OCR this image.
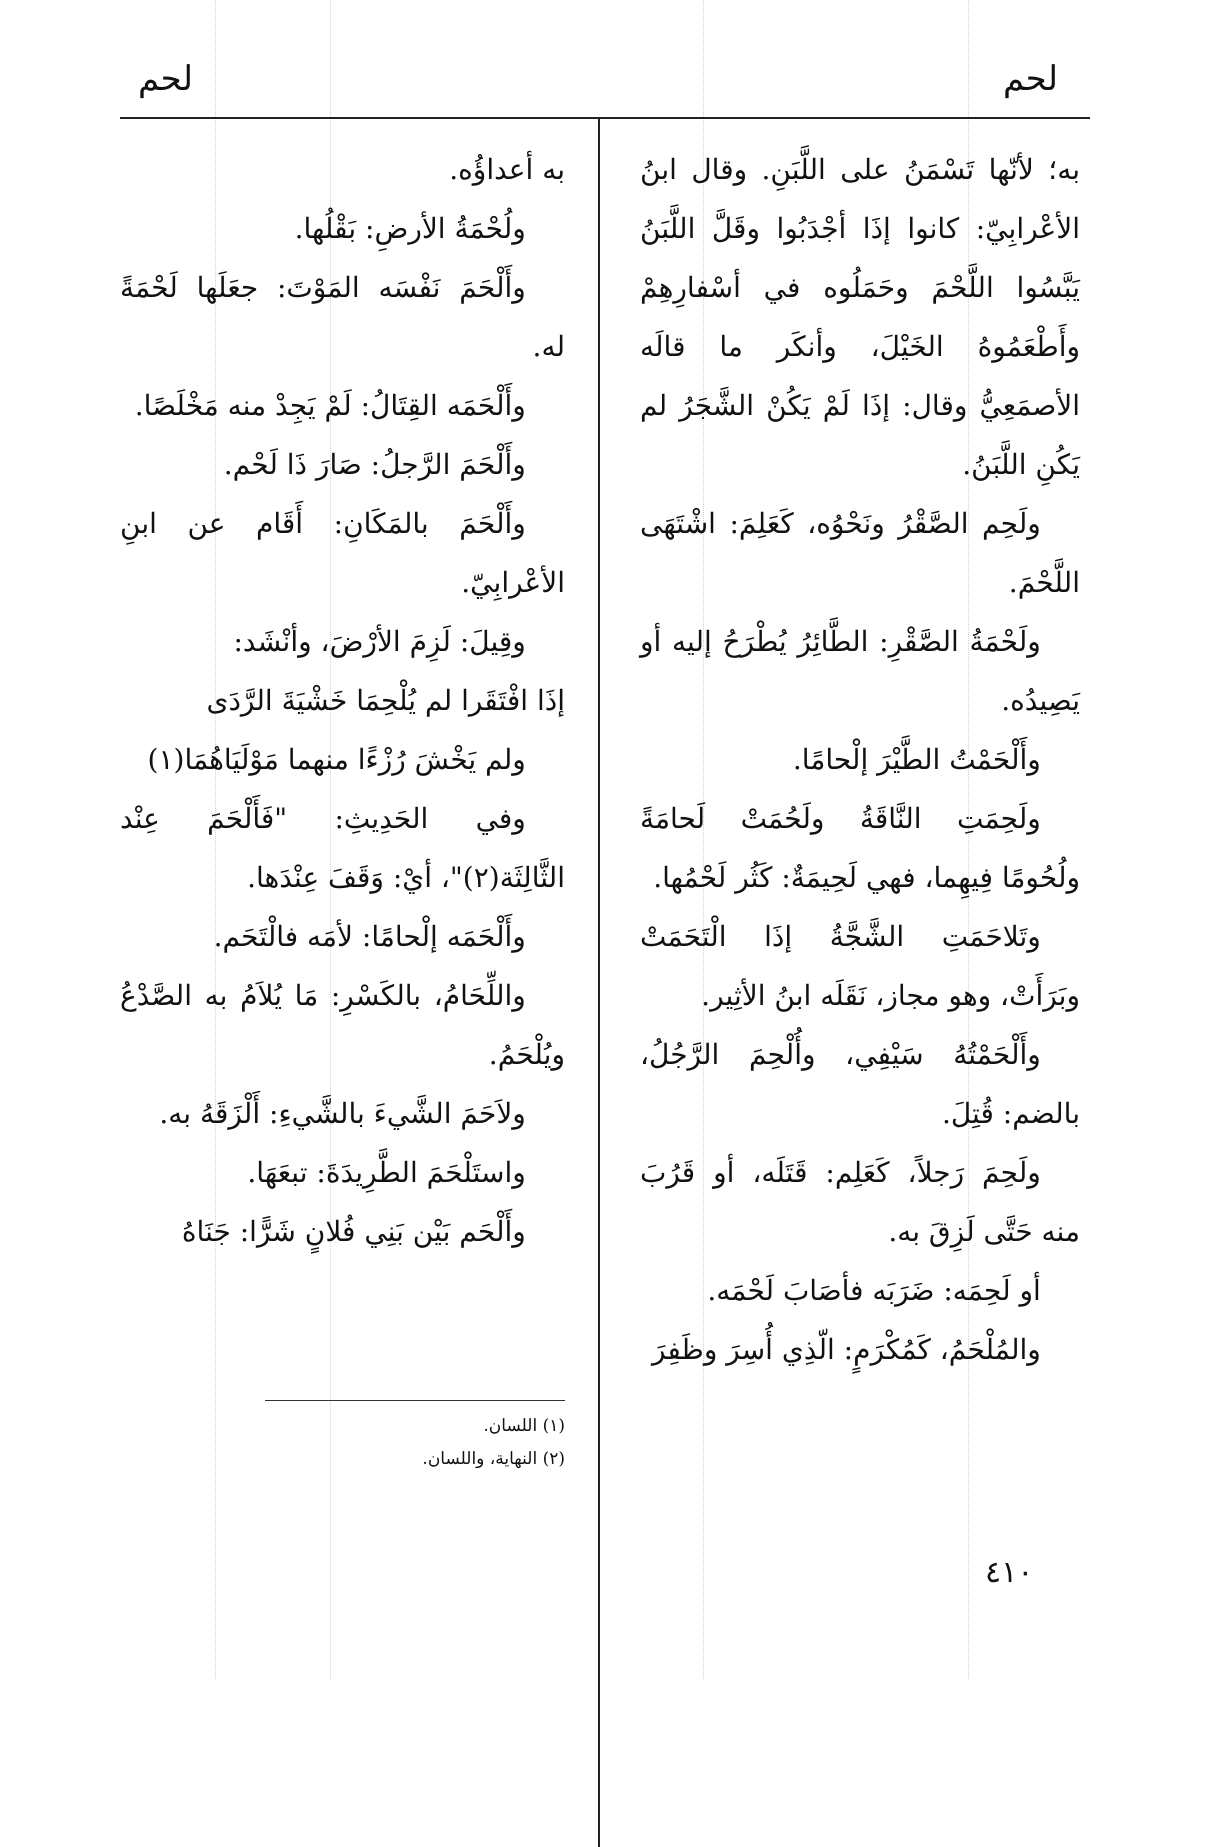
لحم
لحم

به؛ لأنّها تَسْمَنُ على اللَّبَنِ. وقال ابنُ الأعْرابِيّ: كانوا إذَا أجْدَبُوا وقَلَّ اللَّبَنُ يَبَّسُوا اللَّحْمَ وحَمَلُوه في أسْفارِهِمْ وأَطْعَمُوهُ الخَيْلَ، وأنكَر ما قالَه الأصمَعِيُّ وقال: إذَا لَمْ يَكُنْ الشَّجَرُ لم يَكُنِ اللَّبَنُ.

ولَحِم الصَّقْرُ ونَحْوُه، كَعَلِمَ: اشْتَهَى اللَّحْمَ.

ولَحْمَةُ الصَّقْرِ: الطَّائِرُ يُطْرَحُ إليه أو يَصِيدُه.

وأَلْحَمْتُ الطَّيْرَ إلْحامًا.

ولَحِمَتِ النَّاقَةُ ولَحُمَتْ لَحامَةً ولُحُومًا فِيهِما، فهي لَحِيمَةٌ: كَثُر لَحْمُها.

وتَلاحَمَتِ الشَّجَّةُ إذَا الْتَحَمَتْ وبَرَأَتْ، وهو مجاز، نَقَلَه ابنُ الأثِير.

وأَلْحَمْتُهُ سَيْفِي، وأُلْحِمَ الرَّجُلُ، بالضم: قُتِلَ.

ولَحِمَ رَجلاً، كَعَلِم: قَتَلَه، أو قَرُبَ منه حَتَّى لَزِقَ به.

أو لَحِمَه: ضَرَبَه فأصَابَ لَحْمَه.

والمُلْحَمُ، كَمُكْرَمٍ: الّذِي أُسِرَ وظَفِرَ

به أعداؤُه.

ولُحْمَةُ الأرضِ: بَقْلُها.

وأَلْحَمَ نَفْسَه المَوْتَ: جعَلَها لَحْمَةً له.

وأَلْحَمَه القِتَالُ: لَمْ يَجِدْ منه مَخْلَصًا.

وأَلْحَمَ الرَّجلُ: صَارَ ذَا لَحْم.

وأَلْحَمَ بالمَكَانِ: أَقَام عن ابنِ الأعْرابِيّ.

وقِيلَ: لَزِمَ الأرْضَ، وأنْشَد:

إذَا افْتَقَرا لم يُلْحِمَا خَشْيَةَ الرَّدَى

ولم يَخْشَ رُزْءًا منهما مَوْلَيَاهُمَا(١)

وفي الحَدِيثِ: "فَأَلْحَمَ عِنْد الثَّالِثَة(٢)"، أيْ: وَقَفَ عِنْدَها.

وأَلْحَمَه إلْحامًا: لأمَه فالْتَحَم.

واللِّحَامُ، بالكَسْرِ: مَا يُلاَمُ به الصَّدْعُ ويُلْحَمُ.

ولاَحَمَ الشَّيءَ بالشَّيءِ: أَلْزَقَهُ به.

واستَلْحَمَ الطَّرِيدَةَ: تبعَهَا.

وأَلْحَم بَيْن بَنِي فُلانٍ شَرًّا: جَنَاهُ

(١) اللسان.

(٢) النهاية، واللسان.

٤١٠
